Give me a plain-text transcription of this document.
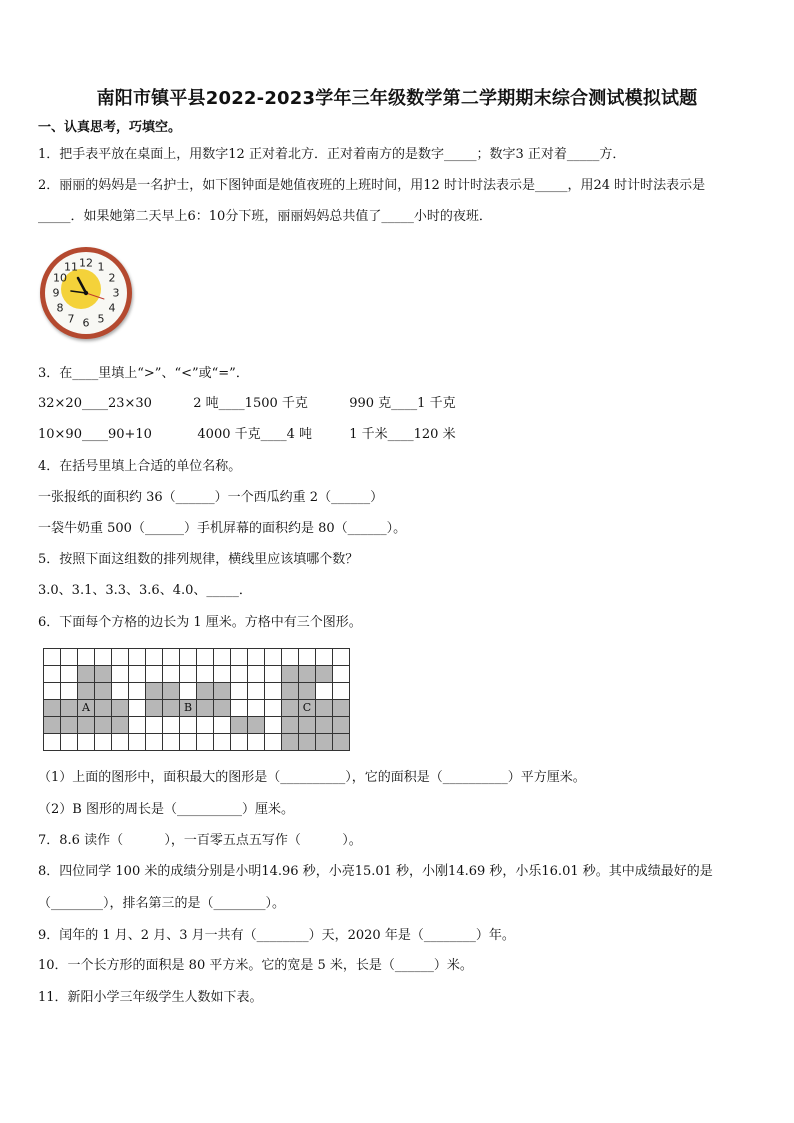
南阳市镇平县2022-2023学年三年级数学第二学期期末综合测试模拟试题
一、认真思考，巧填空。
1．把手表平放在桌面上，用数字12 正对着北方．正对着南方的是数字_____；数字3 正对着_____方．
2．丽丽的妈妈是一名护士，如下图钟面是她值夜班的上班时间，用12 时计时法表示是_____，用24 时计时法表示是
_____．如果她第二天早上6：10分下班，丽丽妈妈总共值了_____小时的夜班．
12 1
2
3
4
5
6
7
8
9
10
11
3．在____里填上“>”、“<”或“=”．
32×20____23×30          2 吨____1500 千克          990 克____1 千克
10×90____90+10           4000 千克____4 吨         1 千米____120 米
4．在括号里填上合适的单位名称。
一张报纸的面积约 36（______）一个西瓜约重 2（______）
一袋牛奶重 500（______）手机屏幕的面积约是 80（______）。
5．按照下面这组数的排列规律，横线里应该填哪个数？
3.0、3.1、3.3、3.6、4.0、_____．
6．下面每个方格的边长为 1 厘米。方格中有三个图形。
A	B	C
（1）上面的图形中，面积最大的图形是（__________），它的面积是（__________）平方厘米。
（2）B 图形的周长是（__________）厘米。
7．8.6 读作（          ），一百零五点五写作（          ）。
8．四位同学 100 米的成绩分别是小明14.96 秒，小亮15.01 秒，小刚14.69 秒，小乐16.01 秒。其中成绩最好的是
（________），排名第三的是（________）。
9．闰年的 1 月、2 月、3 月一共有（________）天，2020 年是（________）年。
10．一个长方形的面积是 80 平方米。它的宽是 5 米，长是（______）米。
11．新阳小学三年级学生人数如下表。
